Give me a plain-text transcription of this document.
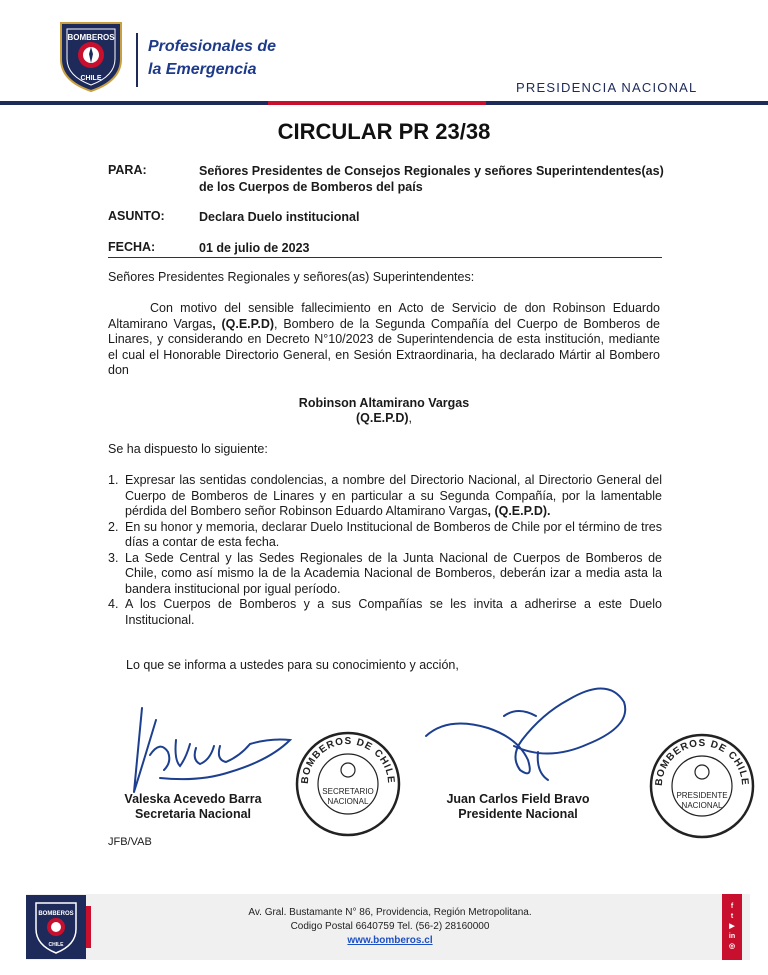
BOMBEROS
CHILE
Profesionales de
la Emergencia
PRESIDENCIA NACIONAL
CIRCULAR PR 23/38
PARA:	Señores Presidentes de Consejos Regionales y señores Superintendentes(as) de los Cuerpos de Bomberos del país
ASUNTO:	Declara Duelo institucional
FECHA:	01 de julio de 2023
Señores Presidentes Regionales y señores(as) Superintendentes:
Con motivo del sensible fallecimiento en Acto de Servicio de don Robinson Eduardo Altamirano Vargas, (Q.E.P.D), Bombero de la Segunda Compañía del Cuerpo de Bomberos de Linares, y considerando en Decreto N°10/2023 de Superintendencia de esta institución, mediante el cual el Honorable Directorio General, en Sesión Extraordinaria, ha declarado Mártir al Bombero don
Robinson Altamirano Vargas
(Q.E.P.D),
Se ha dispuesto lo siguiente:
1. Expresar las sentidas condolencias, a nombre del Directorio Nacional, al Directorio General del Cuerpo de Bomberos de Linares y en particular a su Segunda Compañía, por la lamentable pérdida del Bombero señor Robinson Eduardo Altamirano Vargas, (Q.E.P.D).
2. En su honor y memoria, declarar Duelo Institucional de Bomberos de Chile por el término de tres días a contar de esta fecha.
3. La Sede Central y las Sedes Regionales de la Junta Nacional de Cuerpos de Bomberos de Chile, como así mismo la de la Academia Nacional de Bomberos, deberán izar a media asta la bandera institucional por igual período.
4. A los Cuerpos de Bomberos y a sus Compañías se les invita a adherirse a este Duelo Institucional.
Lo que se informa a ustedes para su conocimiento y acción,
Valeska Acevedo Barra
Secretaria Nacional
Juan Carlos Field Bravo
Presidente Nacional
BOMBEROS DE CHILE
SECRETARIO
NACIONAL
BOMBEROS DE CHILE
PRESIDENTE
NACIONAL
JFB/VAB
BOMBEROS
CHILE
Av. Gral. Bustamante N° 86, Providencia, Región Metropolitana.
Codigo Postal 6640759 Tel. (56-2) 28160000
www.bomberos.cl
f
t
▶
in
◎
